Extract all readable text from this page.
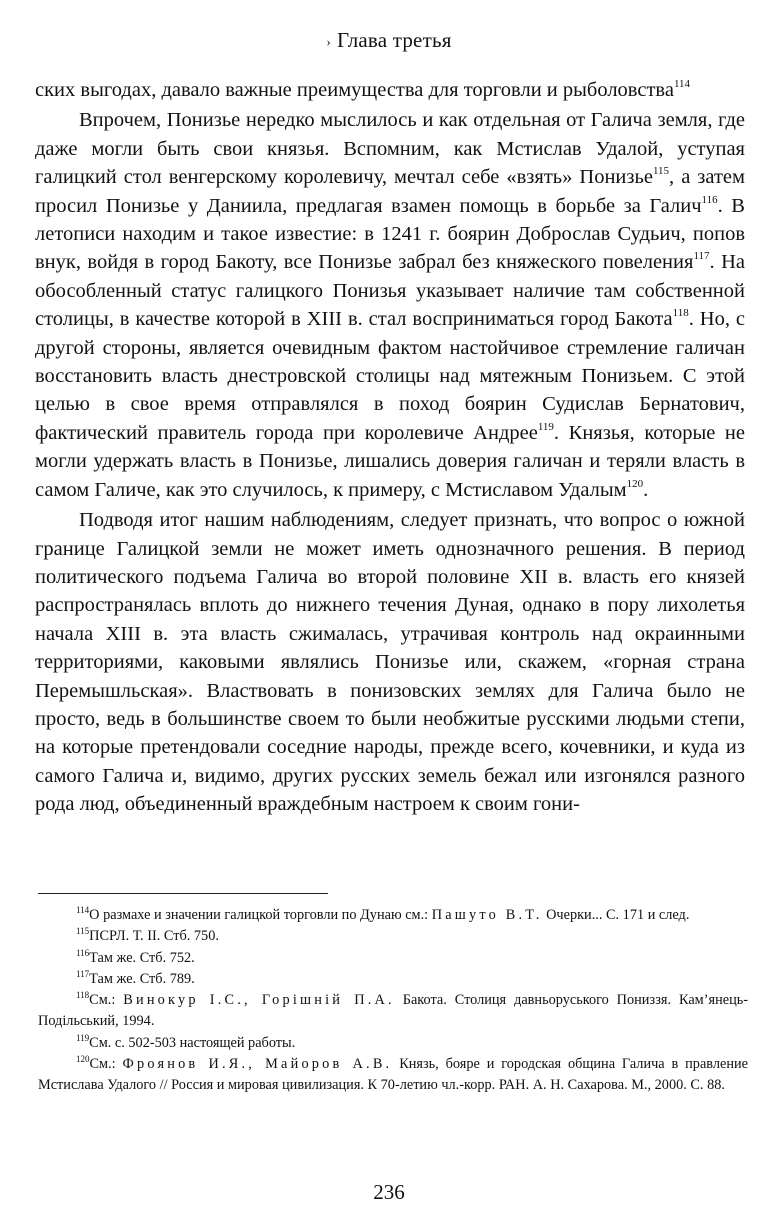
› Глава третья

ских выгодах, давало важные преимущества для торговли и рыболовства$^{114}$

Впрочем, Понизье нередко мыслилось и как отдельная от Галича земля, где даже могли быть свои князья. Вспомним, как Мстислав Удалой, уступая галицкий стол венгерскому королевичу, мечтал себе «взять» Понизье$^{115}$, а затем просил Понизье у Даниила, предлагая взамен помощь в борьбе за Галич$^{116}$. В летописи находим и такое известие: в 1241 г. боярин Доброслав Судьич, попов внук, войдя в город Бакоту, все Понизье забрал без княжеского повеления$^{117}$. На обособленный статус галицкого Понизья указывает наличие там собственной столицы, в качестве которой в XIII в. стал восприниматься город Бакота$^{118}$. Но, с другой стороны, является очевидным фактом настойчивое стремление галичан восстановить власть днестровской столицы над мятежным Понизьем. С этой целью в свое время отправлялся в поход боярин Судислав Бернатович, фактический правитель города при королевиче Андрее$^{119}$. Князья, которые не могли удержать власть в Понизье, лишались доверия галичан и теряли власть в самом Галиче, как это случилось, к примеру, с Мстиславом Удалым$^{120}$.

Подводя итог нашим наблюдениям, следует признать, что вопрос о южной границе Галицкой земли не может иметь однозначного решения. В период политического подъема Галича во второй половине XII в. власть его князей распространялась вплоть до нижнего течения Дуная, однако в пору лихолетья начала XIII в. эта власть сжималась, утрачивая контроль над окраинными территориями, каковыми являлись Понизье или, скажем, «горная страна Перемышльская». Властвовать в понизовских землях для Галича было не просто, ведь в большинстве своем то были необжитые русскими людьми степи, на которые претендовали соседние народы, прежде всего, кочевники, и куда из самого Галича и, видимо, других русских земель бежал или изгонялся разного рода люд, объединенный враждебным настроем к своим гони-

$^{114}$О размахе и значении галицкой торговли по Дунаю см.: Пашуто В.Т. Очерки... С. 171 и след.

$^{115}$ПСРЛ. Т. II. Стб. 750.

$^{116}$Там же. Стб. 752.

$^{117}$Там же. Стб. 789.

$^{118}$См.: Винокур І.С., Горішній П.А. Бакота. Столиця давньоруського Пониззя. Кам’янець-Подільський, 1994.

$^{119}$См. с. 502-503 настоящей работы.

$^{120}$См.: Фроянов И.Я., Майоров А.В. Князь, бояре и городская община Галича в правление Мстислава Удалого // Россия и мировая цивилизация. К 70-летию чл.-корр. РАН. А. Н. Сахарова. М., 2000. С. 88.

236
